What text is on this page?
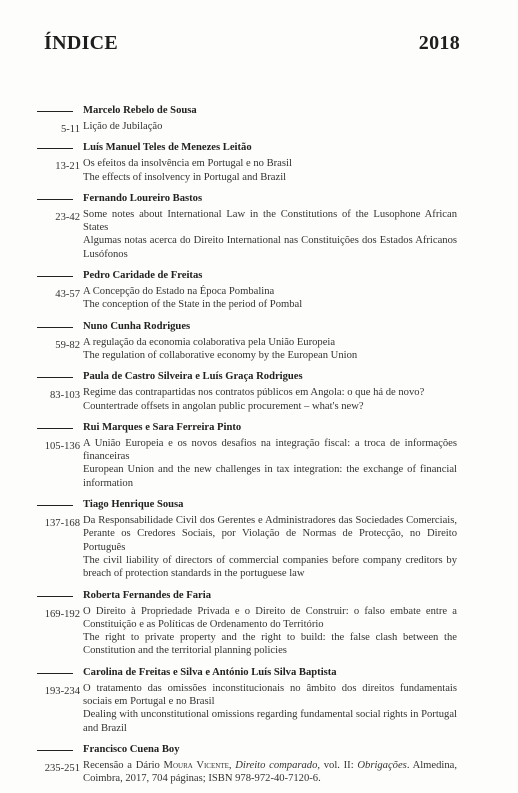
ÍNDICE	2018
5-11
Marcelo Rebelo de Sousa
Lição de Jubilação
13-21
Luís Manuel Teles de Menezes Leitão
Os efeitos da insolvência em Portugal e no Brasil
The effects of insolvency in Portugal and Brazil
23-42
Fernando Loureiro Bastos
Some notes about International Law in the Constitutions of the Lusophone African States
Algumas notas acerca do Direito International nas Constituições dos Estados Africanos Lusófonos
43-57
Pedro Caridade de Freitas
A Concepção do Estado na Época Pombalina
The conception of the State in the period of Pombal
59-82
Nuno Cunha Rodrigues
A regulação da economia colaborativa pela União Europeia
The regulation of collaborative economy by the European Union
83-103
Paula de Castro Silveira e Luís Graça Rodrigues
Regime das contrapartidas nos contratos públicos em Angola: o que há de novo?
Countertrade offsets in angolan public procurement – what's new?
105-136
Rui Marques e Sara Ferreira Pinto
A União Europeia e os novos desafios na integração fiscal: a troca de informações financeiras
European Union and the new challenges in tax integration: the exchange of financial information
137-168
Tiago Henrique Sousa
Da Responsabilidade Civil dos Gerentes e Administradores das Sociedades Comerciais, Perante os Credores Sociais, por Violação de Normas de Protecção, no Direito Português
The civil liability of directors of commercial companies before company creditors by breach of protection standards in the portuguese law
169-192
Roberta Fernandes de Faria
O Direito à Propriedade Privada e o Direito de Construir: o falso embate entre a Constituição e as Políticas de Ordenamento do Território
The right to private property and the right to build: the false clash between the Constitution and the territorial planning policies
193-234
Carolina de Freitas e Silva e António Luís Silva Baptista
O tratamento das omissões inconstitucionais no âmbito dos direitos fundamentais sociais em Portugal e no Brasil
Dealing with unconstitutional omissions regarding fundamental social rights in Portugal and Brazil
235-251
Francisco Cuena Boy
Recensão a Dário Moura Vicente, Direito comparado, vol. II: Obrigações. Almedina, Coimbra, 2017, 704 páginas; ISBN 978-972-40-7120-6.
